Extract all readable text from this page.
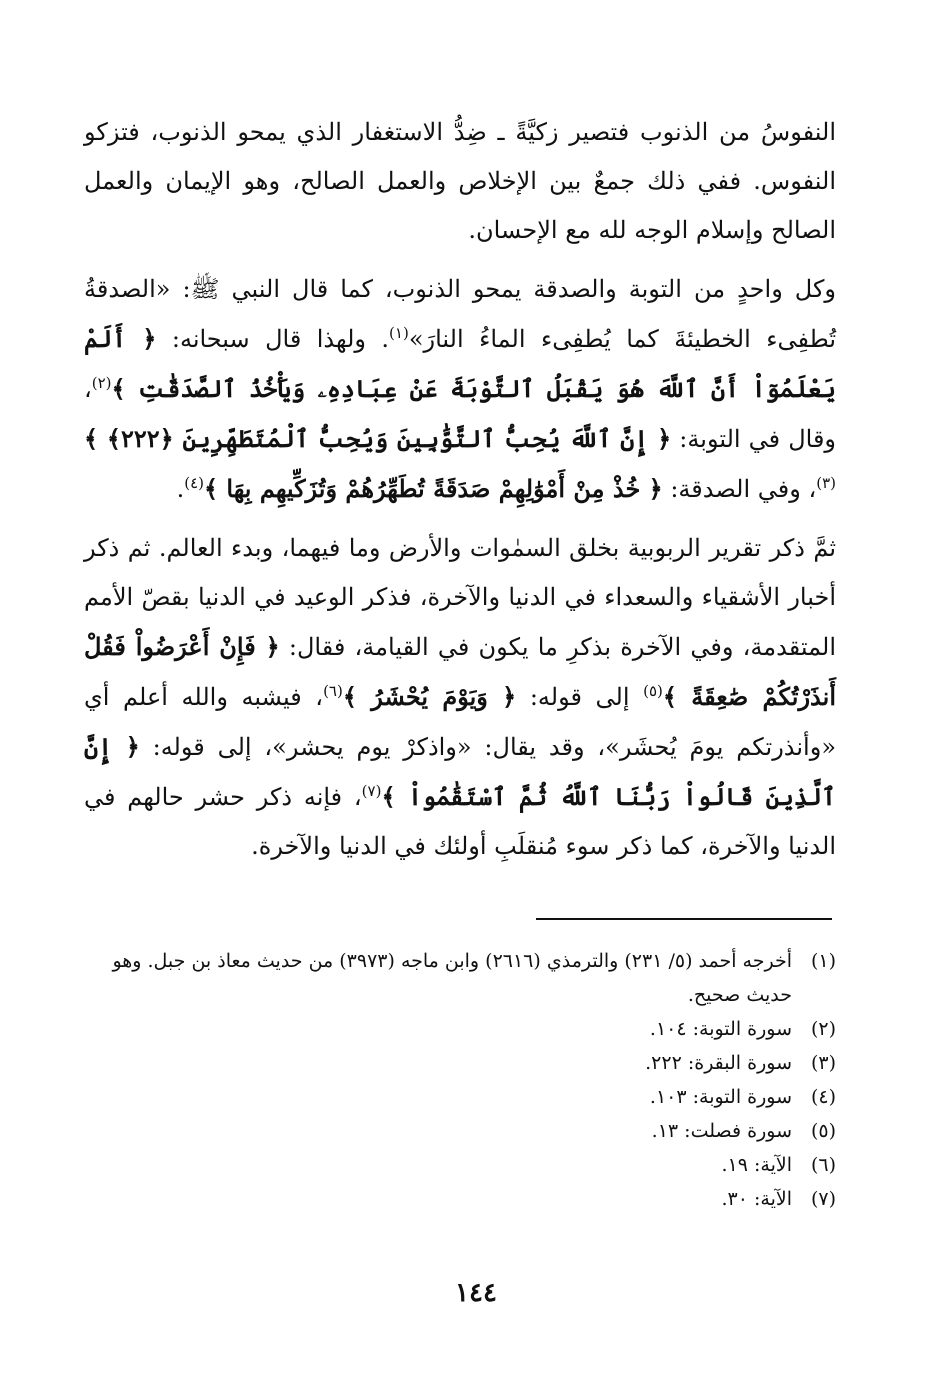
النفوسُ من الذنوب فتصير زكيَّةً ـ ضِدُّ الاستغفار الذي يمحو الذنوب، فتزكو النفوس. ففي ذلك جمعٌ بين الإخلاص والعمل الصالح، وهو الإيمان والعمل الصالح وإسلام الوجه لله مع الإحسان.

وكل واحدٍ من التوبة والصدقة يمحو الذنوب، كما قال النبي ﷺ: «الصدقةُ تُطفِىء الخطيئةَ كما يُطفِىء الماءُ النارَ»$^{(١)}$. ولهذا قال سبحانه: ﴿ أَلَمْ يَعْلَمُوٓاْ أَنَّ ٱللَّهَ هُوَ يَقْبَلُ ٱلتَّوْبَةَ عَنْ عِبَادِهِۦ وَيَأْخُذُ ٱلصَّدَقَٰتِ ﴾$^{(٢)}$، وقال في التوبة: ﴿ إِنَّ ٱللَّهَ يُحِبُّ ٱلتَّوَّٰبِينَ وَيُحِبُّ ٱلْمُتَطَهِّرِينَ ﴿٢٢٢﴾ ﴾$^{(٣)}$، وفي الصدقة: ﴿ خُذْ مِنْ أَمْوَٰلِهِمْ صَدَقَةً تُطَهِّرُهُمْ وَتُزَكِّيهِم بِهَا ﴾$^{(٤)}$.

ثمَّ ذكر تقرير الربوبية بخلق السمٰوات والأرض وما فيهما، وبدء العالم. ثم ذكر أخبار الأشقياء والسعداء في الدنيا والآخرة، فذكر الوعيد في الدنيا بقصّ الأمم المتقدمة، وفي الآخرة بذكرِ ما يكون في القيامة، فقال: ﴿ فَإِنْ أَعْرَضُواْ فَقُلْ أَنذَرْتُكُمْ صَٰعِقَةً ﴾$^{(٥)}$ إلى قوله: ﴿ وَيَوْمَ يُحْشَرُ ﴾$^{(٦)}$، فيشبه والله أعلم أي «وأنذرتكم يومَ يُحشَر»، وقد يقال: «واذكرْ يوم يحشر»، إلى قوله: ﴿ إِنَّ ٱلَّذِينَ قَالُواْ رَبُّنَا ٱللَّهُ ثُمَّ ٱسْتَقَٰمُواْ ﴾$^{(٧)}$، فإنه ذكر حشر حالهم في الدنيا والآخرة، كما ذكر سوء مُنقلَبِ أولئك في الدنيا والآخرة.

(١)
أخرجه أحمد (٥/ ٢٣١) والترمذي (٢٦١٦) وابن ماجه (٣٩٧٣) من حديث معاذ بن جبل. وهو حديث صحيح.
(٢)
سورة التوبة: ١٠٤.
(٣)
سورة البقرة: ٢٢٢.
(٤)
سورة التوبة: ١٠٣.
(٥)
سورة فصلت: ١٣.
(٦)
الآية: ١٩.
(٧)
الآية: ٣٠.
١٤٤
